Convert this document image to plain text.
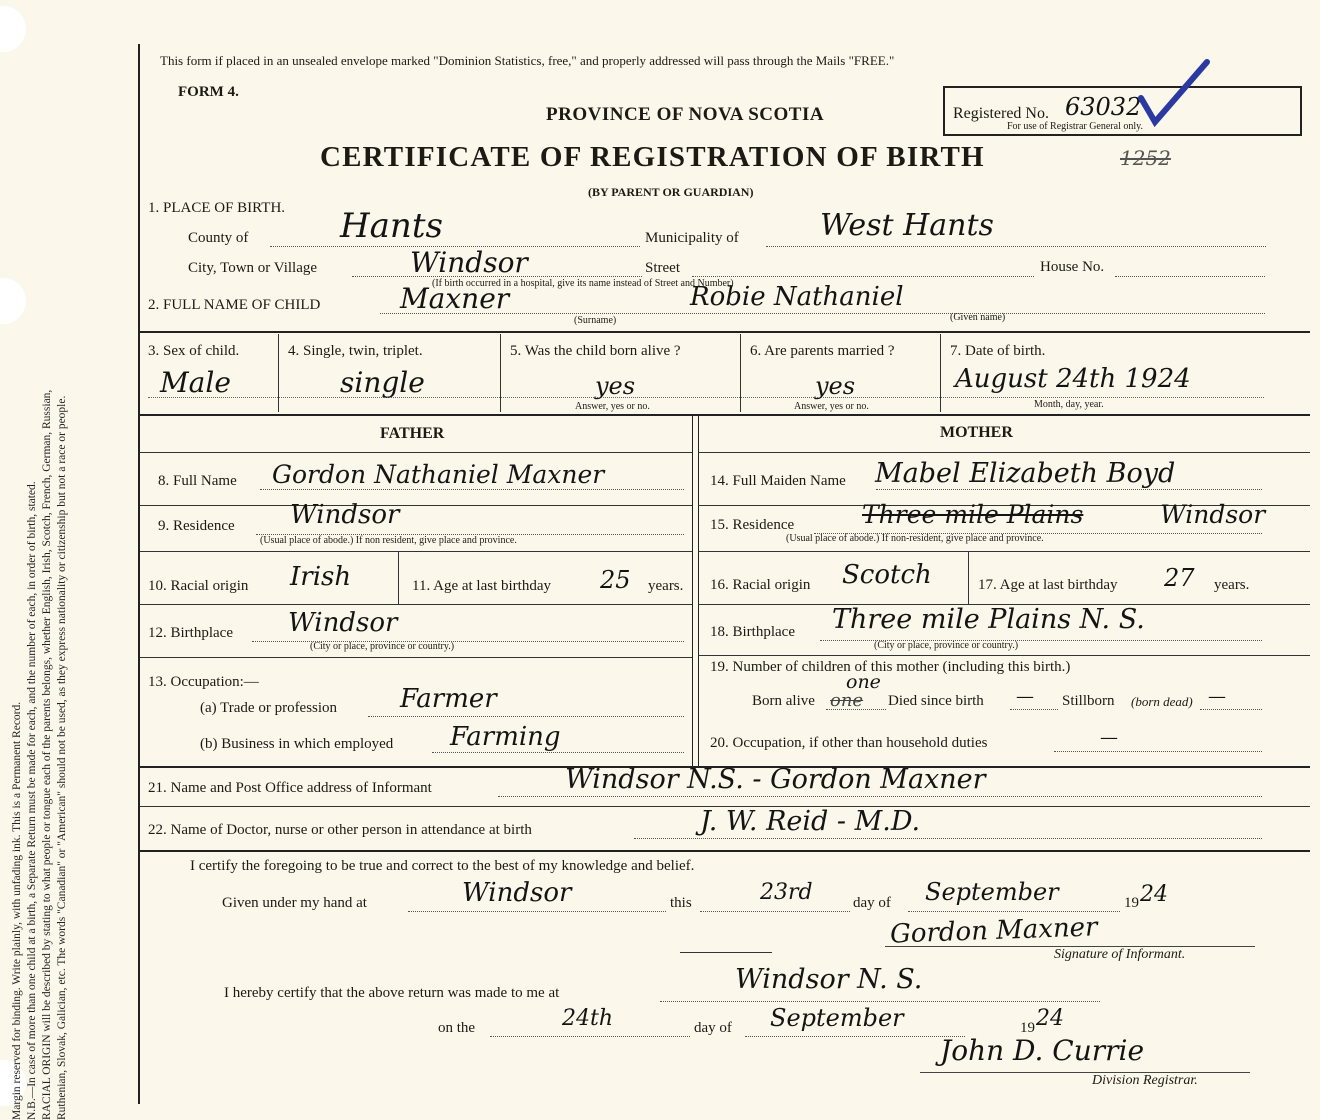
Margin reserved for binding. Write plainly, with unfading ink. This is a Permanent Record. N.B.—In case of more than one child at a birth, a Separate Return must be made for each, and the number of each, in order of birth, stated. RACIAL ORIGIN will be described by stating to what people or tongue each of the parents belongs, whether English, Irish, Scotch, French, German, Russian, Ruthenian, Slovak, Galician, etc. The words "Canadian" or "American" should not be used, as they express nationality or citizenship but not a race or people.
This form if placed in an unsealed envelope marked "Dominion Statistics, free," and properly addressed will pass through the Mails "FREE."
FORM 4.
PROVINCE OF NOVA SCOTIA
CERTIFICATE OF REGISTRATION OF BIRTH
(BY PARENT OR GUARDIAN)
1252
Registered No. 63032
For use of Registrar General only.
1. PLACE OF BIRTH.
County of	Hants	Municipality of	West Hants
City, Town or Village	Windsor	Street	House No.
(If birth occurred in a hospital, give its name instead of Street and Number)
2. FULL NAME OF CHILD	Maxner	Robie Nathaniel
(Surname)	(Given name)
3. Sex of child.
Male
4. Single, twin, triplet.
single
5. Was the child born alive ?
yes
Answer, yes or no.
6. Are parents married ?
yes
Answer, yes or no.
7. Date of birth.
August 24th 1924
Month, day, year.
FATHER	MOTHER
8. Full Name Gordon Nathaniel Maxner
9. Residence Windsor
(Usual place of abode.) If non resident, give place and province.
10. Racial origin Irish	11. Age at last birthday 25 years.
12. Birthplace Windsor
(City or place, province or country.)
13. Occupation:—
(a) Trade or profession Farmer
(b) Business in which employed Farming
14. Full Maiden Name Mabel Elizabeth Boyd
15. Residence	Three mile Plains	Windsor
(Usual place of abode.) If non-resident, give place and province.
16. Racial origin Scotch	17. Age at last birthday 27 years.
18. Birthplace Three mile Plains N. S.
(City or place, province or country.)
19. Number of children of this mother (including this birth.)
Born alive one
one
Died since birth — Stillborn (born dead) —
20. Occupation, if other than household duties	—
21. Name and Post Office address of Informant	Windsor N.S. - Gordon Maxner
22. Name of Doctor, nurse or other person in attendance at birth	J. W. Reid - M.D.
I certify the foregoing to be true and correct to the best of my knowledge and belief.
Given under my hand at	Windsor	this	23rd	day of September	19 24
Gordon Maxner
Signature of Informant.
I hereby certify that the above return was made to me at	Windsor N. S.
on the	24th	day of September	19 24
John D. Currie
Division Registrar.
